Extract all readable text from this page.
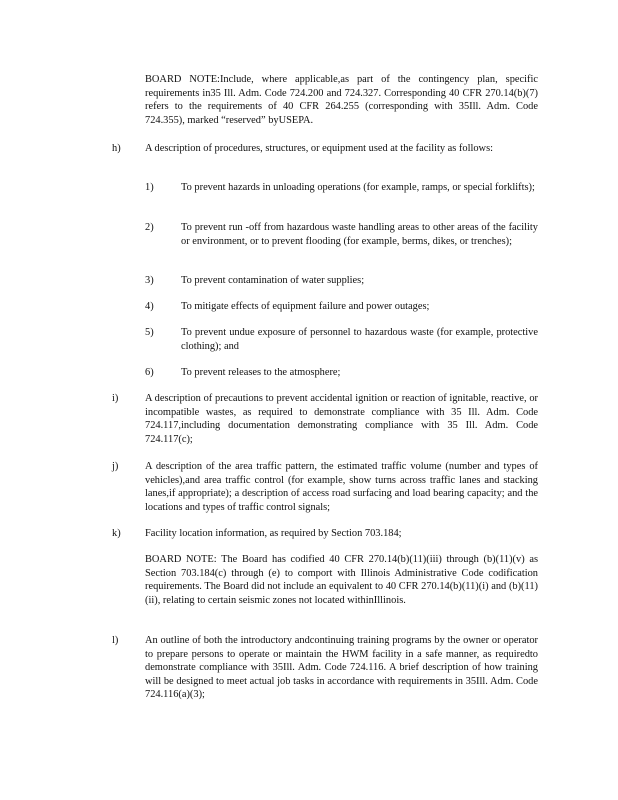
BOARD NOTE:Include, where applicable,as part of the contingency plan, specific requirements in35 Ill. Adm. Code 724.200 and 724.327. Corresponding 40 CFR 270.14(b)(7) refers to the requirements of 40 CFR 264.255 (corresponding with 35Ill. Adm. Code 724.355), marked “reserved” byUSEPA.

h) A description of procedures, structures, or equipment used at the facility as follows:

1)	To prevent hazards in unloading operations (for example, ramps, or special forklifts);

2)	To prevent run -off from hazardous waste handling areas to other areas of the facility or environment, or to prevent flooding (for example, berms, dikes, or trenches);

3)	To prevent contamination of water supplies;

4)	To mitigate effects of equipment failure and power outages;

5)	To prevent undue exposure of personnel to hazardous waste (for example, protective clothing); and

6)	To prevent releases to the atmosphere;

i)	A description of precautions to prevent accidental ignition or reaction of ignitable, reactive, or incompatible wastes, as required to demonstrate compliance with 35 Ill. Adm. Code 724.117,including documentation demonstrating compliance with 35 Ill. Adm. Code 724.117(c);

j)	A description of the area traffic pattern, the estimated traffic volume (number and types of vehicles),and area traffic control (for example, show turns across traffic lanes and stacking lanes,if appropriate); a description of access road surfacing and load bearing capacity; and the locations and types of traffic control signals;

k) Facility location information, as required by Section 703.184;

BOARD NOTE: The Board has codified 40 CFR 270.14(b)(11)(iii) through (b)(11)(v) as Section 703.184(c) through (e) to comport with Illinois Administrative Code codification requirements. The Board did not include an equivalent to 40 CFR 270.14(b)(11)(i) and (b)(11)(ii), relating to certain seismic zones not located withinIllinois.

l)	An outline of both the introductory andcontinuing training programs by the owner or operator to prepare persons to operate or maintain the HWM facility in a safe manner, as requiredto demonstrate compliance with 35Ill. Adm. Code 724.116. A brief description of how training will be designed to meet actual job tasks in accordance with requirements in 35Ill. Adm. Code 724.116(a)(3);
